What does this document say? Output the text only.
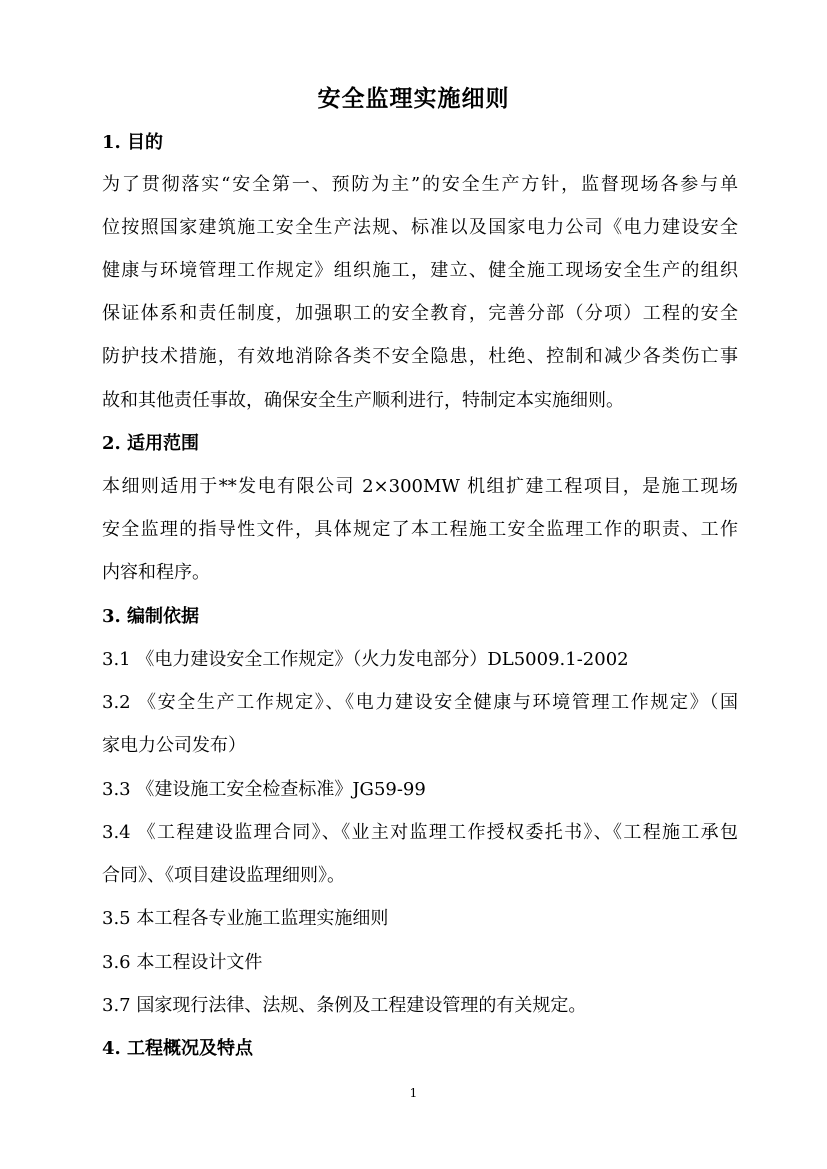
安全监理实施细则
1. 目的
为了贯彻落实“安全第一、预防为主”的安全生产方针，监督现场各参与单
位按照国家建筑施工安全生产法规、标准以及国家电力公司《电力建设安全
健康与环境管理工作规定》组织施工，建立、健全施工现场安全生产的组织
保证体系和责任制度，加强职工的安全教育，完善分部（分项）工程的安全
防护技术措施，有效地消除各类不安全隐患，杜绝、控制和减少各类伤亡事
故和其他责任事故，确保安全生产顺利进行，特制定本实施细则。
2. 适用范围
本细则适用于**发电有限公司 2×300MW 机组扩建工程项目，是施工现场
安全监理的指导性文件，具体规定了本工程施工安全监理工作的职责、工作
内容和程序。
3. 编制依据
3.1 《电力建设安全工作规定》（火力发电部分）DL5009.1-2002
3.2 《安全生产工作规定》、《电力建设安全健康与环境管理工作规定》（国
家电力公司发布）
3.3 《建设施工安全检查标准》JG59-99
3.4 《工程建设监理合同》、《业主对监理工作授权委托书》、《工程施工承包
合同》、《项目建设监理细则》。
3.5 本工程各专业施工监理实施细则
3.6 本工程设计文件
3.7 国家现行法律、法规、条例及工程建设管理的有关规定。
4. 工程概况及特点
1
